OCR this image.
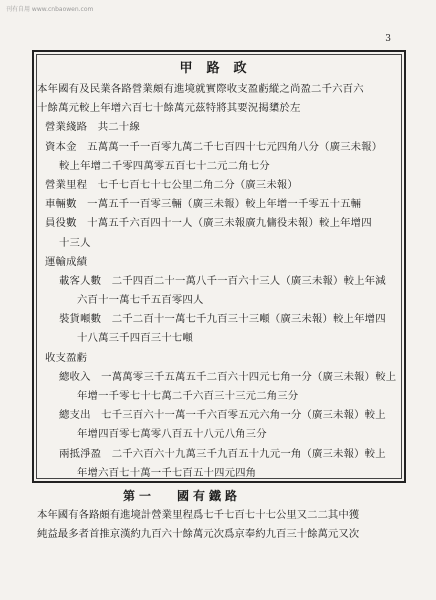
刊有自用 www.cnbaowen.com
3
甲路政
本年國有及民業各路營業頗有進境就實際收支盈虧縱之尚盈二千六百六
十餘萬元較上年增六百七十餘萬元茲特將其要況揭橥於左
營業綫路　共二十線
資本金　五萬萬一千一百零九萬二千七百四十七元四角八分（廣三未報）
較上年增二千零四萬零五百七十二元二角七分
營業里程　七千七百七十七公里二角二分（廣三未報）
車輛數　一萬五千一百零三輛（廣三未報）較上年增一千零五十五輛
員役數　十萬五千六百四十一人（廣三未報廣九傭役未報）較上年增四
十三人
運輸成績
載客人數　二千四百二十一萬八千一百六十三人（廣三未報）較上年減
六百十一萬七千五百零四人
裝貨噸數　二千二百十一萬七千九百三十三噸（廣三未報）較上年增四
十八萬三千四百三十七噸
收支盈虧
總收入　一萬萬零三千五萬五千二百六十四元七角一分（廣三未報）較上
年增一千零七十七萬二千六百三十三元二角三分
總支出　七千三百六十一萬一千六百零五元六角一分（廣三未報）較上
年增四百零七萬零八百五十八元八角三分
兩抵淨盈　二千六百六十九萬三千九百五十九元一角（廣三未報）較上
年增六百七十萬一千七百五十四元四角
第一 國有鐵路
本年國有各路頗有進境計營業里程爲七千七百七十七公里又二二其中獲
純益最多者首推京漢約九百六十餘萬元次爲京奉約九百三十餘萬元又次
